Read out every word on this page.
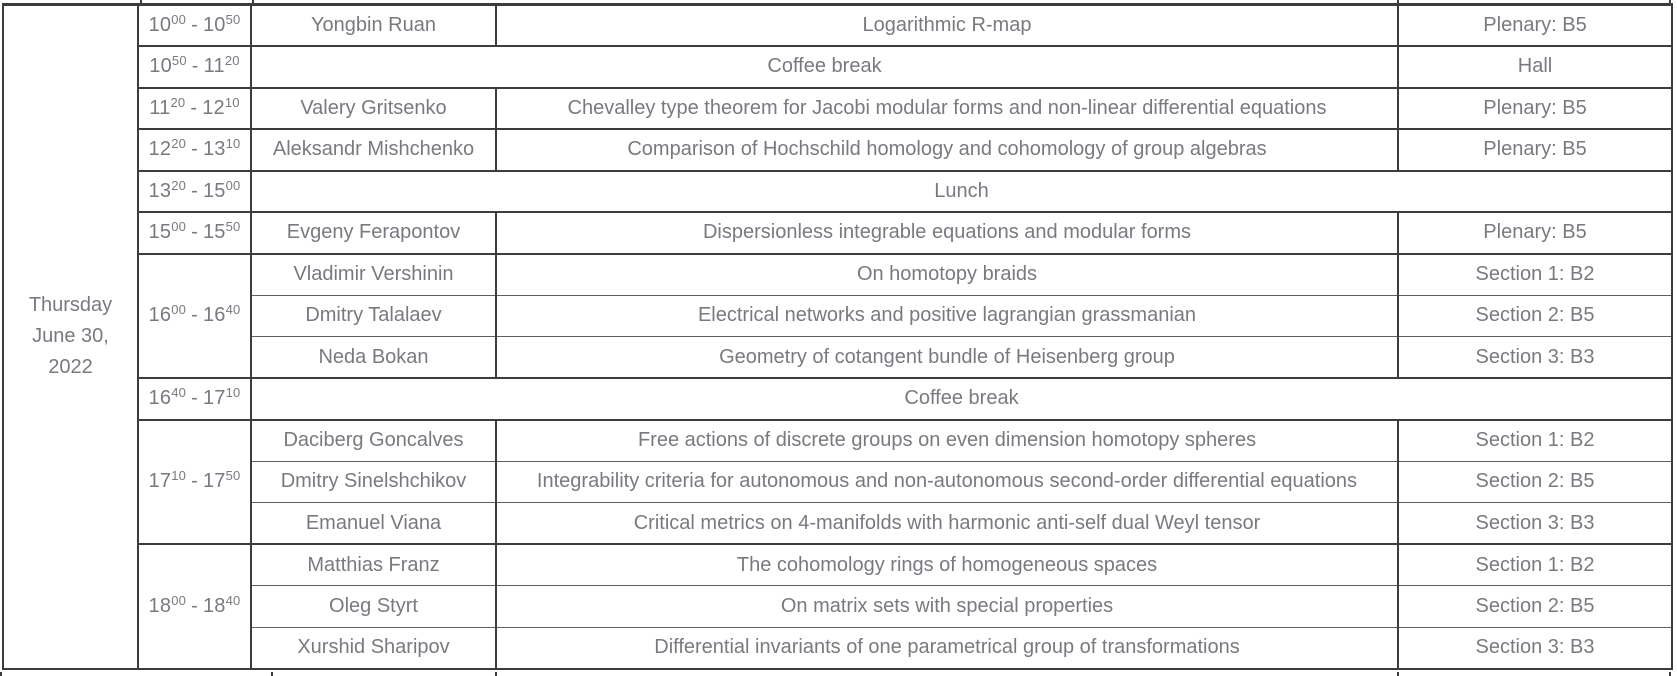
Thursday
June 30,
2022	$10^{00} - 10^{50}$	Yongbin Ruan	Logarithmic R-map	Plenary: B5
	$10^{50} - 11^{20}$	Coffee break		Hall
	$11^{20} - 12^{10}$	Valery Gritsenko	Chevalley type theorem for Jacobi modular forms and non-linear differential equations	Plenary: B5
	$12^{20} - 13^{10}$	Aleksandr Mishchenko	Comparison of Hochschild homology and cohomology of group algebras	Plenary: B5
	$13^{20} - 15^{00}$	Lunch		
	$15^{00} - 15^{50}$	Evgeny Ferapontov	Dispersionless integrable equations and modular forms	Plenary: B5
	$16^{00} - 16^{40}$	Vladimir Vershinin	On homotopy braids	Section 1: B2
		Dmitry Talalaev	Electrical networks and positive lagrangian grassmanian	Section 2: B5
		Neda Bokan	Geometry of cotangent bundle of Heisenberg group	Section 3: B3
	$16^{40} - 17^{10}$	Coffee break		
	$17^{10} - 17^{50}$	Daciberg Goncalves	Free actions of discrete groups on even dimension homotopy spheres	Section 1: B2
		Dmitry Sinelshchikov	Integrability criteria for autonomous and non-autonomous second-order differential equations	Section 2: B5
		Emanuel Viana	Critical metrics on 4-manifolds with harmonic anti-self dual Weyl tensor	Section 3: B3
	$18^{00} - 18^{40}$	Matthias Franz	The cohomology rings of homogeneous spaces	Section 1: B2
		Oleg Styrt	On matrix sets with special properties	Section 2: B5
		Xurshid Sharipov	Differential invariants of one parametrical group of transformations	Section 3: B3
